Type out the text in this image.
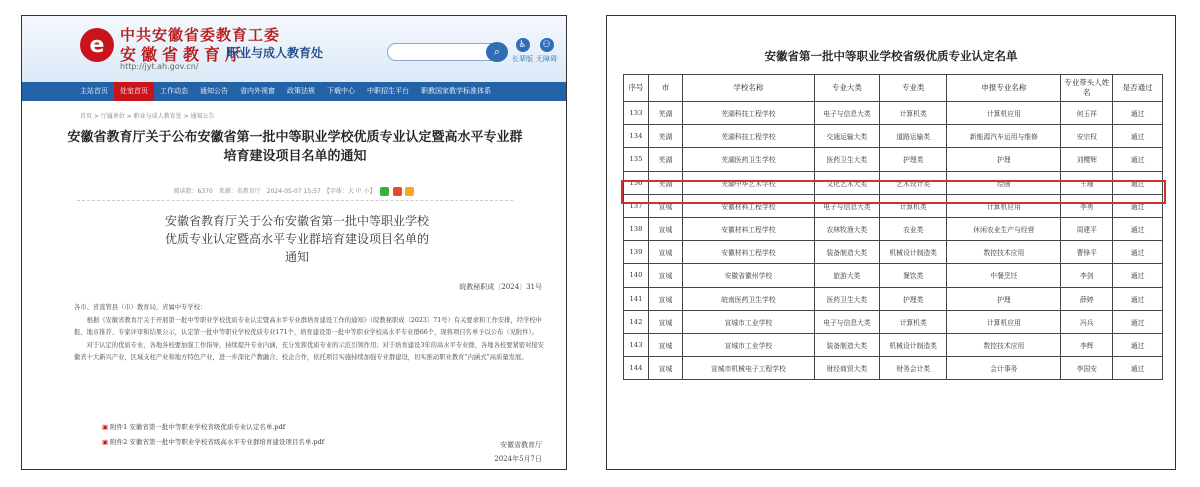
e	中共安徽省委教育工委
安徽省教育厅
职业与成人教育处
http://jyt.ah.gov.cn/
⌕	♿
长辈版
⚇
无障碍
主站首页	处室首页	工作动态	通知公告	省内外视窗	政策法规	下载中心	中职招生平台	职教国家教学标准体系
首页 > 厅属单位 > 职业与成人教育处 > 通知公告
安徽省教育厅关于公布安徽省第一批中等职业学校优质专业认定暨高水平专业群培育建设项目名单的通知
阅读数：6370　来源：省教育厅　2024-05-07 15:57　【字体：大 中 小】
安徽省教育厅关于公布安徽省第一批中等职业学校优质专业认定暨高水平专业群培育建设项目名单的通知
皖教秘职成〔2024〕31号

各市、省直管县（市）教育局，省属中专学校：

　　根据《安徽省教育厅关于开展第一批中等职业学校优质专业认定暨高水平专业群培育建设工作的通知》（皖教秘职成〔2023〕71号）有关要求和工作安排，经学校申报、地市推荐、专家评审和结果公示，认定第一批中等职业学校优质专业171个，培育建设第一批中等职业学校高水平专业群66个，现将项目名单予以公布（见附件）。

　　对于认定的优质专业，各地各校要加强工作指导，持续提升专业内涵，充分发挥优质专业的示范引领作用；对于培育建设3年的高水平专业群，各地各校要紧密对接安徽省十大新兴产业，区域支柱产业和地方特色产业，进一步深化产教融合、校企合作，依托项目实施持续加强专业群建设，切实推动职业教育“内涵式”高质量发展。

▣ 附件1 安徽省第一批中等职业学校省级优质专业认定名单.pdf
▣ 附件2 安徽省第一批中等职业学校省级高水平专业群培育建设项目名单.pdf	安徽省教育厅
2024年5月7日
安徽省第一批中等职业学校省级优质专业认定名单
序号	市	学校名称	专业大类	专业类	申报专业名称	专业带头人姓名	是否通过
133	芜湖	芜湖科技工程学校	电子与信息大类	计算机类	计算机应用	何玉祥	通过
134	芜湖	芜湖科技工程学校	交通运输大类	道路运输类	新能源汽车运用与维修	安宗权	通过
135	芜湖	芜湖医药卫生学校	医药卫生大类	护理类	护理	刘樱辉	通过
136	芜湖	芜湖中华艺术学校	文化艺术大类	艺术设计类	绘画	王瑾	通过
137	宣城	安徽材料工程学校	电子与信息大类	计算机类	计算机应用	李勇	通过
138	宣城	安徽材料工程学校	农林牧渔大类	农业类	休闲农业生产与经营	周建平	通过
139	宣城	安徽材料工程学校	装备制造大类	机械设计制造类	数控技术应用	曹锋平	通过
140	宣城	安徽省徽州学校	旅游大类	餐饮类	中餐烹饪	李剑	通过
141	宣城	皖南医药卫生学校	医药卫生大类	护理类	护理	薛婷	通过
142	宣城	宣城市工业学校	电子与信息大类	计算机类	计算机应用	冯兵	通过
143	宣城	宣城市工业学校	装备制造大类	机械设计制造类	数控技术应用	李辉	通过
144	宣城	宣城市机械电子工程学校	财经商贸大类	财务会计类	会计事务	李国安	通过
